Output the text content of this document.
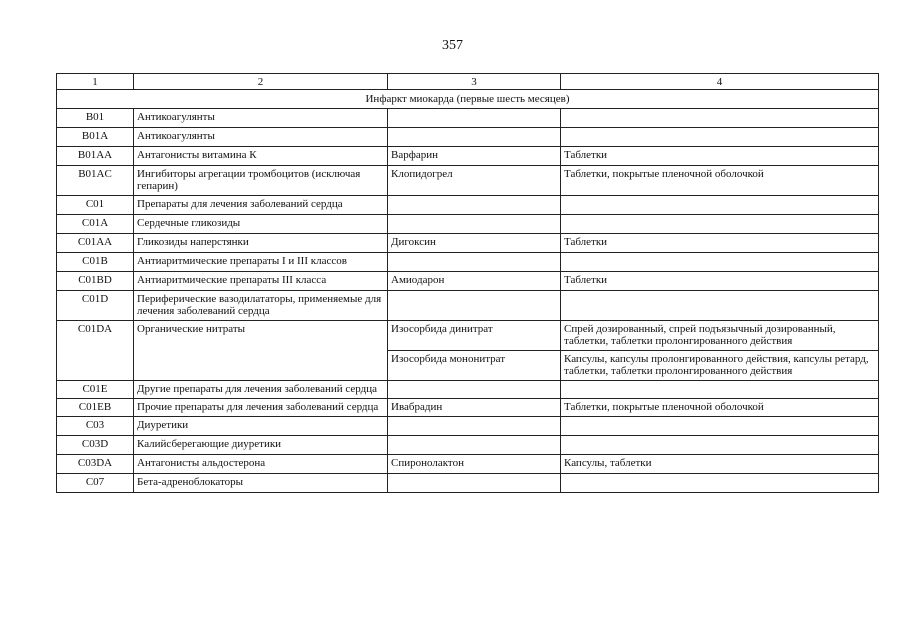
357
1	2	3	4
Инфаркт миокарда (первые шесть месяцев)			
B01	Антикоагулянты		
B01A	Антикоагулянты		
B01AA	Антагонисты витамина К	Варфарин	Таблетки
B01AC	Ингибиторы агрегации тромбоцитов (исключая гепарин)	Клопидогрел	Таблетки, покрытые пленочной оболочкой
C01	Препараты для лечения заболеваний сердца		
C01A	Сердечные гликозиды		
C01AA	Гликозиды наперстянки	Дигоксин	Таблетки
C01B	Антиаритмические препараты I и III классов		
C01BD	Антиаритмические препараты III класса	Амиодарон	Таблетки
C01D	Периферические вазодилататоры, применяемые для лечения заболеваний сердца		
C01DA	Органические нитраты	Изосорбида динитрат	Спрей дозированный, спрей подъязычный дозированный, таблетки, таблетки пролонгированного действия
		Изосорбида мононитрат	Капсулы, капсулы пролонгированного действия, капсулы ретард, таблетки, таблетки пролонгированного действия
C01E	Другие препараты для лечения заболеваний сердца		
C01EB	Прочие препараты для лечения заболеваний сердца	Ивабрадин	Таблетки, покрытые пленочной оболочкой
C03	Диуретики		
C03D	Калийсберегающие диуретики		
C03DA	Антагонисты альдостерона	Спиронолактон	Капсулы, таблетки
C07	Бета-адреноблокаторы		
